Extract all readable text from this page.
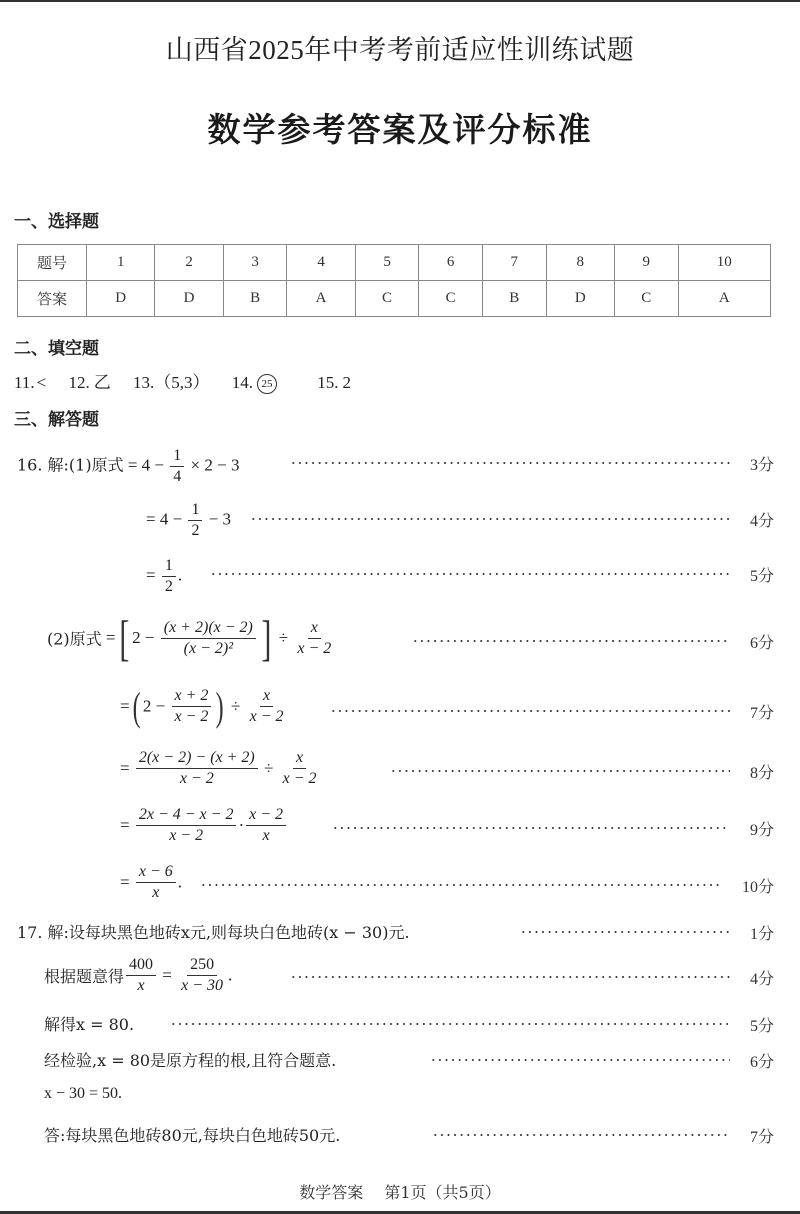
山西省2025年中考考前适应性训练试题
数学参考答案及评分标准
一、选择题
题号	1	2	3	4	5	6	7	8	9	10
答案	D	D	B	A	C	C	B	D	C	A
二、填空题
11. < 12. 乙 13.（5,3） 14. 25	15. 2
三、解答题
16. 解:(1)原式 = $4 - \frac{1}{4} \times 2 - 3$	3分
= $4 - \frac{1}{2} - 3$	4分
= $\frac{1}{2}$ .	5分
(2)原式 =[ $2 - \frac{(x + 2)(x - 2)}{\text{(x − 2)²}}$ ] ÷ $\frac{x}{x - 2}$	6分
=( $2 - \frac{x + 2}{x - 2}$ ) ÷ $\frac{x}{x - 2}$	7分
= $\frac{2(x - 2) - (x + 2)}{x - 2} \div \frac{x}{x - 2}$	8分
= $\frac{2x - 4 - x - 2}{x - 2} \cdot \frac{x - 2}{x}$	9分
= $\frac{x - 6}{x}$ .	10分
17. 解:设每块黑色地砖x元,则每块白色地砖(x − 30)元.	1分
根据题意得 $\frac{400}{x} = \frac{250}{x - 30}$ .	4分
解得x = 80.	5分
经检验,x = 80是原方程的根,且符合题意.	6分
x − 30 = 50.
答:每块黑色地砖80元,每块白色地砖50元.	7分
数学答案 第1页（共5页）
